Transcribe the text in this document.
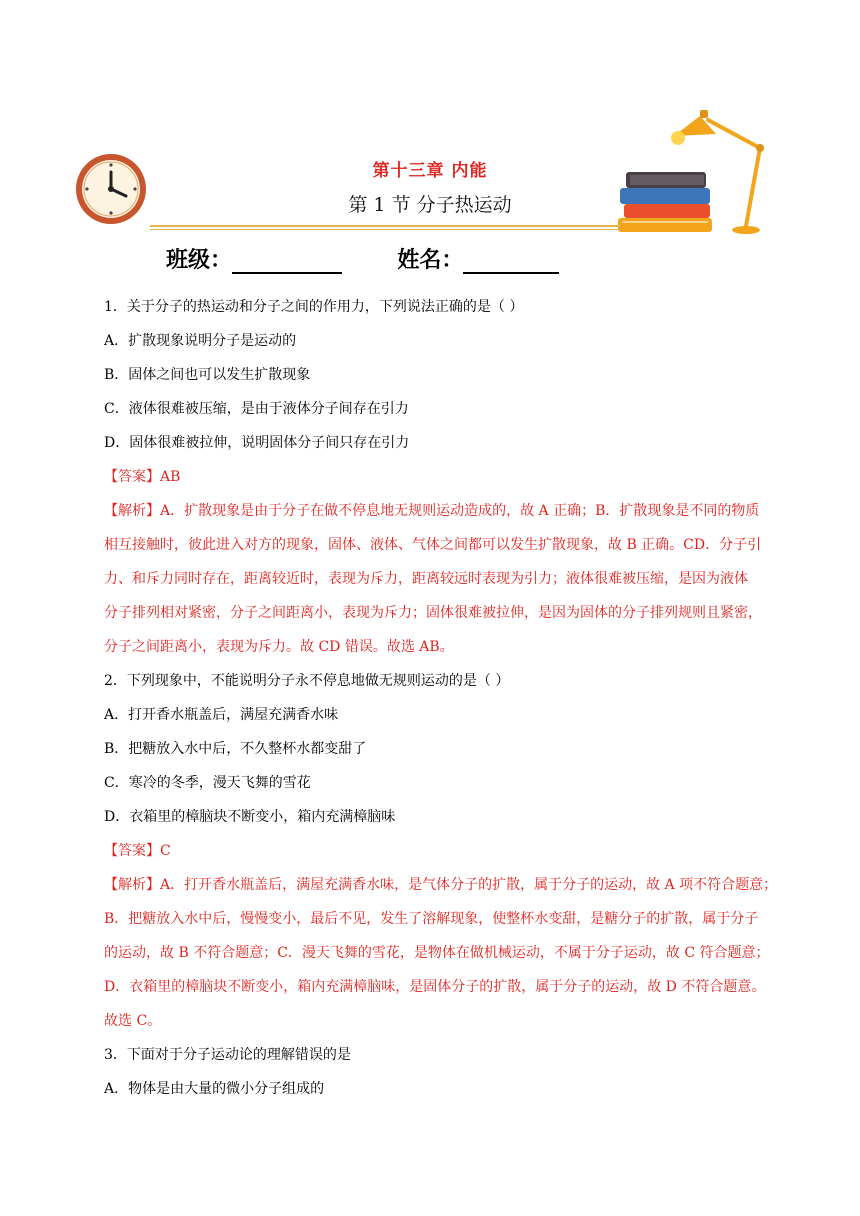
第十三章 内能
第 1 节 分子热运动
班级：	姓名：

1．关于分子的热运动和分子之间的作用力，下列说法正确的是（ ）

A．扩散现象说明分子是运动的

B．固体之间也可以发生扩散现象

C．液体很难被压缩，是由于液体分子间存在引力

D．固体很难被拉伸，说明固体分子间只存在引力

【答案】AB

【解析】A．扩散现象是由于分子在做不停息地无规则运动造成的，故 A 正确；B．扩散现象是不同的物质

相互接触时，彼此进入对方的现象，固体、液体、气体之间都可以发生扩散现象，故 B 正确。CD．分子引

力、和斥力同时存在，距离较近时，表现为斥力，距离较远时表现为引力；液体很难被压缩，是因为液体

分子排列相对紧密，分子之间距离小，表现为斥力；固体很难被拉伸，是因为固体的分子排列规则且紧密，

分子之间距离小，表现为斥力。故 CD 错误。故选 AB。

2．下列现象中，不能说明分子永不停息地做无规则运动的是（ ）

A．打开香水瓶盖后，满屋充满香水味

B．把糖放入水中后，不久整杯水都变甜了

C．寒冷的冬季，漫天飞舞的雪花

D．衣箱里的樟脑块不断变小，箱内充满樟脑味

【答案】C

【解析】A．打开香水瓶盖后，满屋充满香水味，是气体分子的扩散，属于分子的运动，故 A 项不符合题意；

B．把糖放入水中后，慢慢变小，最后不见，发生了溶解现象，使整杯水变甜，是糖分子的扩散，属于分子

的运动，故 B 不符合题意；C．漫天飞舞的雪花，是物体在做机械运动，不属于分子运动，故 C 符合题意；

D．衣箱里的樟脑块不断变小，箱内充满樟脑味，是固体分子的扩散，属于分子的运动，故 D 不符合题意。

故选 C。

3．下面对于分子运动论的理解错误的是

A．物体是由大量的微小分子组成的
